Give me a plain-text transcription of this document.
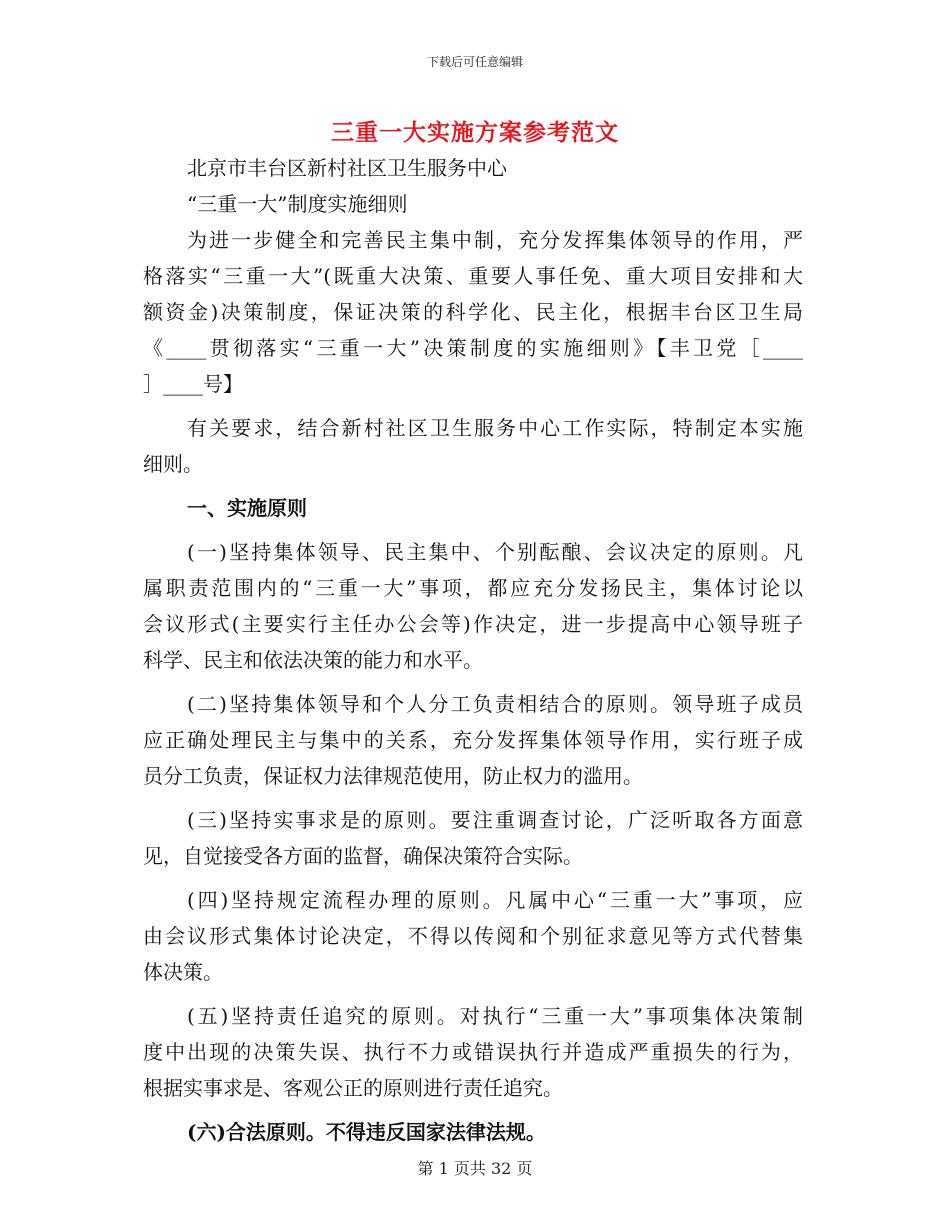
下载后可任意编辑
三重一大实施方案参考范文
北京市丰台区新村社区卫生服务中心
“三重一大”制度实施细则
为进一步健全和完善民主集中制，充分发挥集体领导的作用，严
格落实“三重一大”(既重大决策、重要人事任免、重大项目安排和大
额资金)决策制度，保证决策的科学化、民主化，根据丰台区卫生局
《____贯彻落实“三重一大”决策制度的实施细则》【丰卫党［____
］____号】
有关要求，结合新村社区卫生服务中心工作实际，特制定本实施
细则。
一、实施原则
(一)坚持集体领导、民主集中、个别酝酿、会议决定的原则。凡
属职责范围内的“三重一大”事项，都应充分发扬民主，集体讨论以
会议形式(主要实行主任办公会等)作决定，进一步提高中心领导班子
科学、民主和依法决策的能力和水平。
(二)坚持集体领导和个人分工负责相结合的原则。领导班子成员
应正确处理民主与集中的关系，充分发挥集体领导作用，实行班子成
员分工负责，保证权力法律规范使用，防止权力的滥用。
(三)坚持实事求是的原则。要注重调查讨论，广泛听取各方面意
见，自觉接受各方面的监督，确保决策符合实际。
(四)坚持规定流程办理的原则。凡属中心“三重一大”事项，应
由会议形式集体讨论决定，不得以传阅和个别征求意见等方式代替集
体决策。
(五)坚持责任追究的原则。对执行“三重一大”事项集体决策制
度中出现的决策失误、执行不力或错误执行并造成严重损失的行为，
根据实事求是、客观公正的原则进行责任追究。
(六)合法原则。不得违反国家法律法规。
第 1 页共 32 页
